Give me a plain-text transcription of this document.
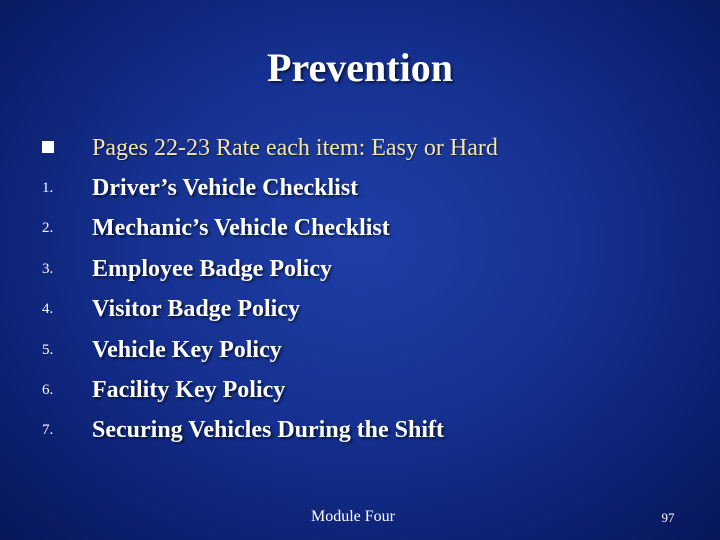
Prevention
Pages 22-23 Rate each item: Easy or Hard
1. Driver’s Vehicle Checklist
2. Mechanic’s Vehicle Checklist
3. Employee Badge Policy
4. Visitor Badge Policy
5. Vehicle Key Policy
6. Facility Key Policy
7. Securing Vehicles During the Shift
Module Four	97
